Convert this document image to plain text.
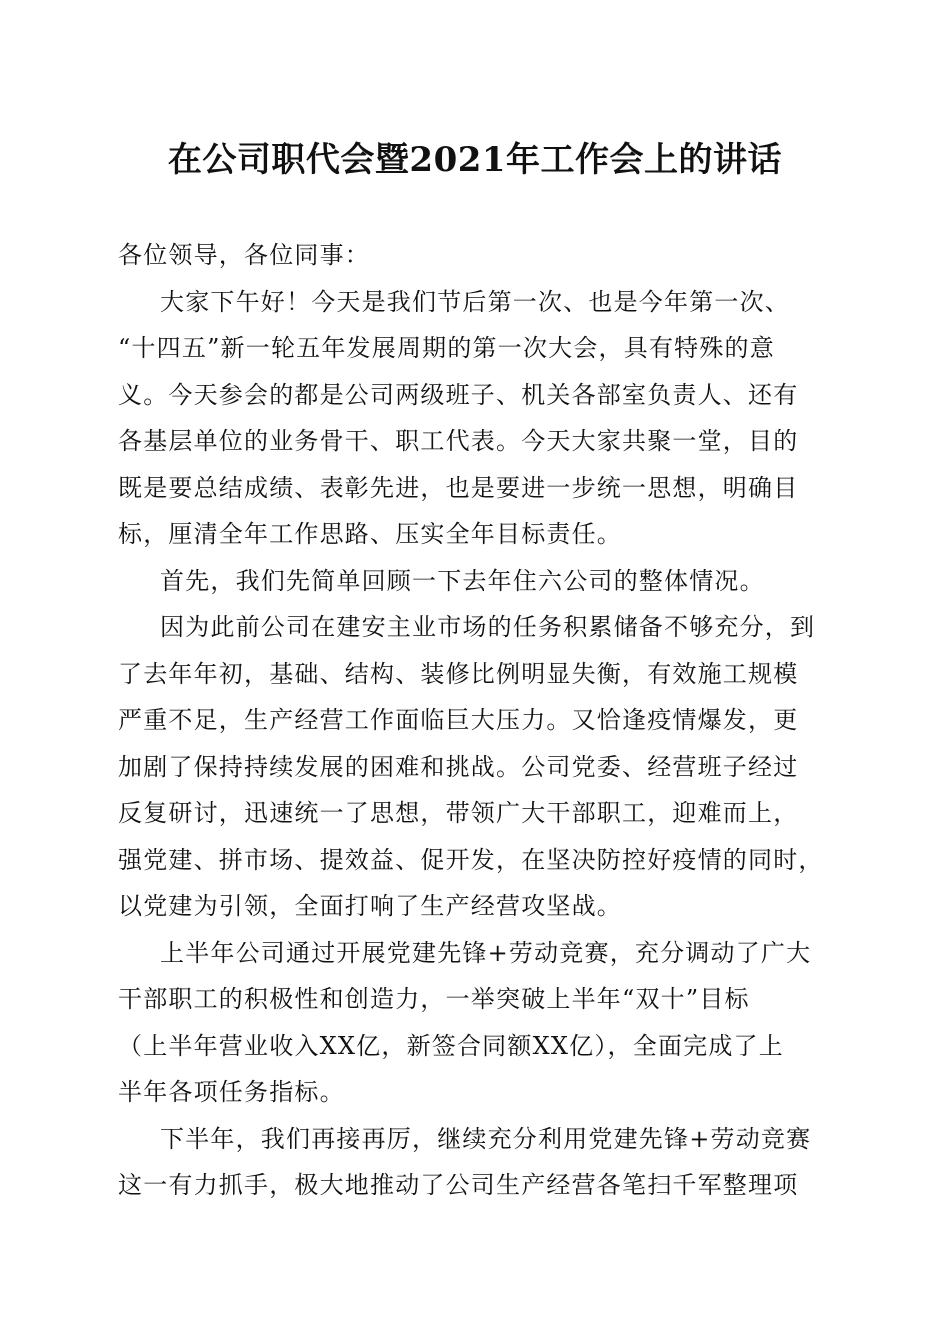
在公司职代会暨2021年工作会上的讲话
各位领导，各位同事：
大家下午好！今天是我们节后第一次、也是今年第一次、
“十四五”新一轮五年发展周期的第一次大会，具有特殊的意
义。今天参会的都是公司两级班子、机关各部室负责人、还有
各基层单位的业务骨干、职工代表。今天大家共聚一堂，目的
既是要总结成绩、表彰先进，也是要进一步统一思想，明确目
标，厘清全年工作思路、压实全年目标责任。
首先，我们先简单回顾一下去年住六公司的整体情况。
因为此前公司在建安主业市场的任务积累储备不够充分，到
了去年年初，基础、结构、装修比例明显失衡，有效施工规模
严重不足，生产经营工作面临巨大压力。又恰逢疫情爆发，更
加剧了保持持续发展的困难和挑战。公司党委、经营班子经过
反复研讨，迅速统一了思想，带领广大干部职工，迎难而上，
强党建、拼市场、提效益、促开发，在坚决防控好疫情的同时，
以党建为引领，全面打响了生产经营攻坚战。
上半年公司通过开展党建先锋+劳动竞赛，充分调动了广大
干部职工的积极性和创造力，一举突破上半年“双十”目标
（上半年营业收入XX亿，新签合同额XX亿），全面完成了上
半年各项任务指标。
下半年，我们再接再厉，继续充分利用党建先锋+劳动竞赛
这一有力抓手，极大地推动了公司生产经营各笔扫千军整理项
